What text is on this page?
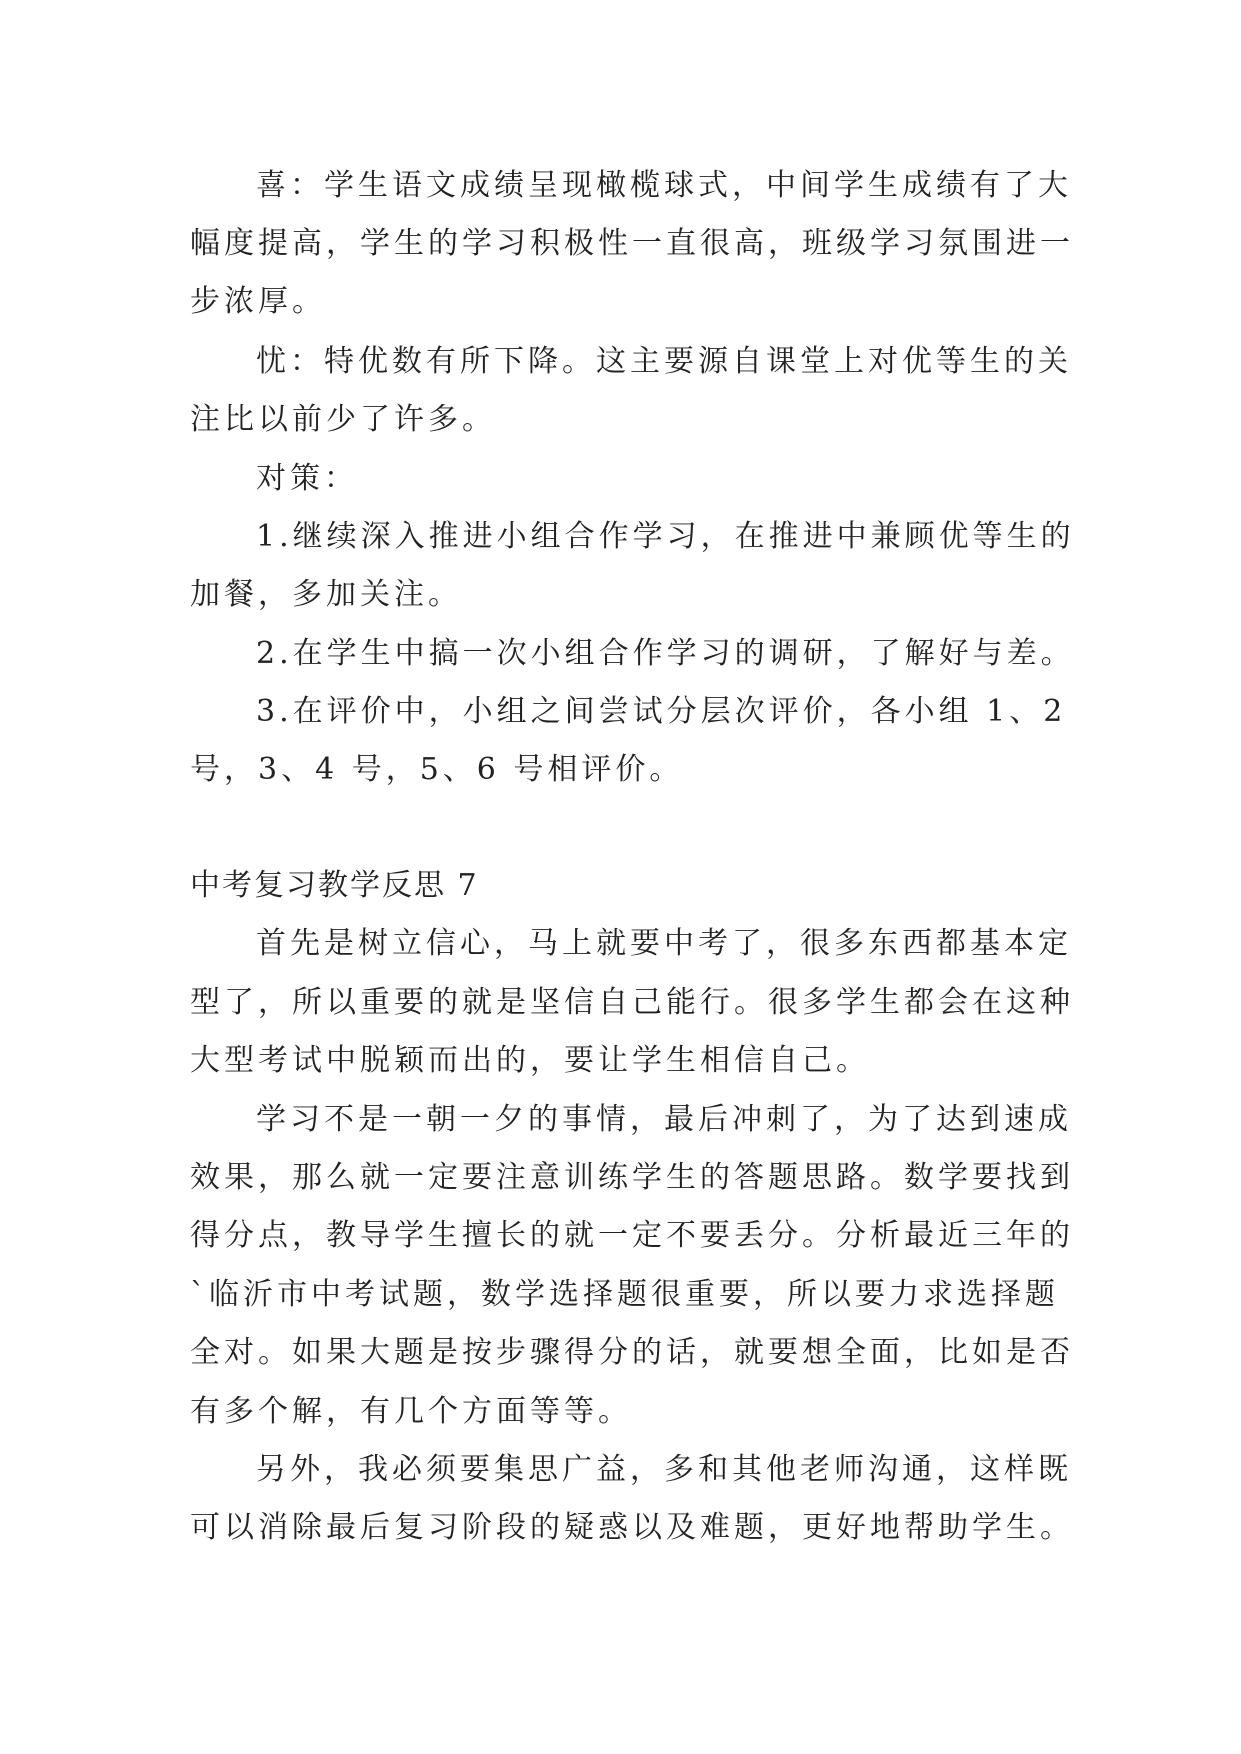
喜：学生语文成绩呈现橄榄球式，中间学生成绩有了大
幅度提高，学生的学习积极性一直很高，班级学习氛围进一
步浓厚。
忧：特优数有所下降。这主要源自课堂上对优等生的关
注比以前少了许多。
对策：
1.继续深入推进小组合作学习，在推进中兼顾优等生的
加餐，多加关注。
2.在学生中搞一次小组合作学习的调研，了解好与差。
3.在评价中，小组之间尝试分层次评价，各小组 1、2
号，3、4 号，5、6 号相评价。
中考复习教学反思 7
首先是树立信心，马上就要中考了，很多东西都基本定
型了，所以重要的就是坚信自己能行。很多学生都会在这种
大型考试中脱颖而出的，要让学生相信自己。
学习不是一朝一夕的事情，最后冲刺了，为了达到速成
效果，那么就一定要注意训练学生的答题思路。数学要找到
得分点，教导学生擅长的就一定不要丢分。分析最近三年的
`临沂市中考试题，数学选择题很重要，所以要力求选择题
全对。如果大题是按步骤得分的话，就要想全面，比如是否
有多个解，有几个方面等等。
另外，我必须要集思广益，多和其他老师沟通，这样既
可以消除最后复习阶段的疑惑以及难题，更好地帮助学生。
